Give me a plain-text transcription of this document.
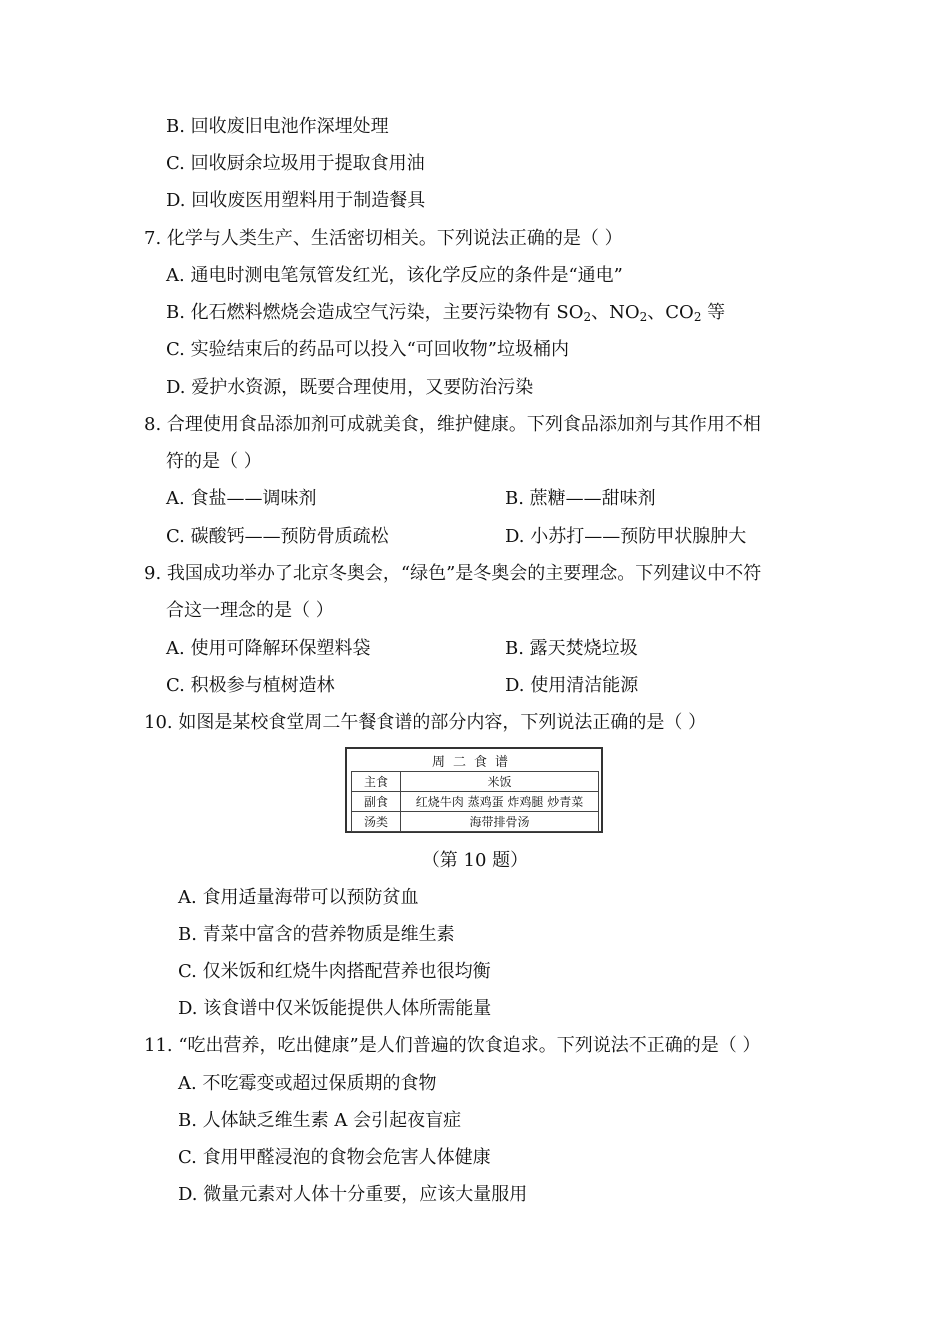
B. 回收废旧电池作深埋处理
C. 回收厨余垃圾用于提取食用油
D. 回收废医用塑料用于制造餐具
7. 化学与人类生产、生活密切相关。下列说法正确的是（ ）
A. 通电时测电笔氖管发红光，该化学反应的条件是“通电”
B. 化石燃料燃烧会造成空气污染，主要污染物有 $SO_2$、$NO_2$、$CO_2$ 等
C. 实验结束后的药品可以投入“可回收物”垃圾桶内
D. 爱护水资源，既要合理使用，又要防治污染
8. 合理使用食品添加剂可成就美食，维护健康。下列食品添加剂与其作用不相
符的是（ ）
A. 食盐——调味剂	B. 蔗糖——甜味剂
C. 碳酸钙——预防骨质疏松	D. 小苏打——预防甲状腺肿大
9. 我国成功举办了北京冬奥会，“绿色”是冬奥会的主要理念。下列建议中不符
合这一理念的是（ ）
A. 使用可降解环保塑料袋	B. 露天焚烧垃圾
C. 积极参与植树造林	D. 使用清洁能源
10. 如图是某校食堂周二午餐食谱的部分内容，下列说法正确的是（ ）
周二食谱
主食	米饭
副食	红烧牛肉 蒸鸡蛋 炸鸡腿 炒青菜
汤类	海带排骨汤
（第 10 题）
A. 食用适量海带可以预防贫血
B. 青菜中富含的营养物质是维生素
C. 仅米饭和红烧牛肉搭配营养也很均衡
D. 该食谱中仅米饭能提供人体所需能量
11. “吃出营养，吃出健康”是人们普遍的饮食追求。下列说法不正确的是（ ）
A. 不吃霉变或超过保质期的食物
B. 人体缺乏维生素 A 会引起夜盲症
C. 食用甲醛浸泡的食物会危害人体健康
D. 微量元素对人体十分重要，应该大量服用
